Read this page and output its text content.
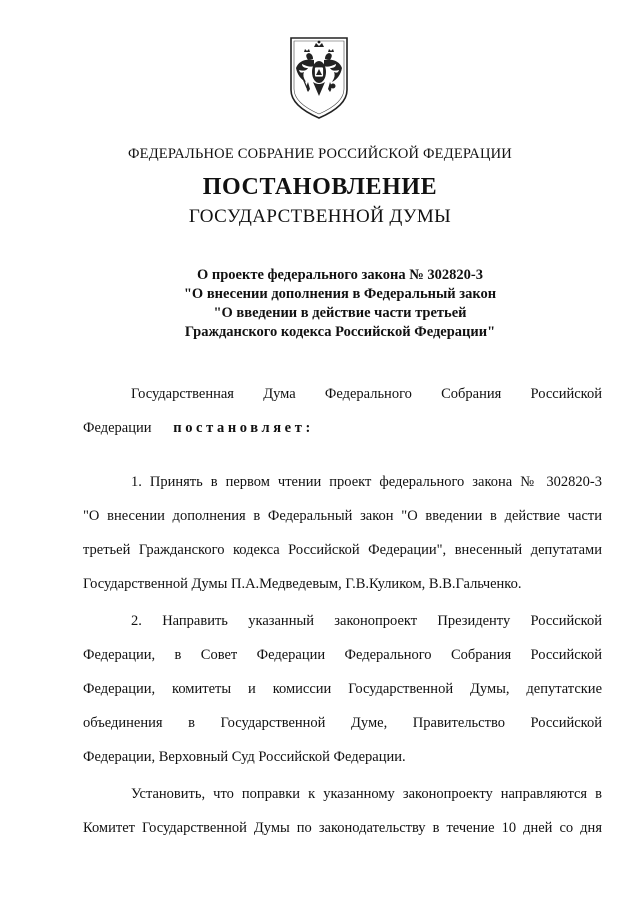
ФЕДЕРАЛЬНОЕ СОБРАНИЕ РОССИЙСКОЙ ФЕДЕРАЦИИ
ПОСТАНОВЛЕНИЕ
ГОСУДАРСТВЕННОЙ ДУМЫ
О проекте федерального закона № 302820-3
"О внесении дополнения в Федеральный закон
"О введении в действие части третьей
Гражданского кодекса Российской Федерации"
Государственная Дума Федерального Собрания Российской
Федерации постановляет:
1. Принять в первом чтении проект федерального закона № 302820-3
"О внесении дополнения в Федеральный закон "О введении в действие части
третьей Гражданского кодекса Российской Федерации", внесенный депутатами
Государственной Думы П.А.Медведевым, Г.В.Куликом, В.В.Гальченко.
2. Направить указанный законопроект Президенту Российской
Федерации, в Совет Федерации Федерального Собрания Российской
Федерации, комитеты и комиссии Государственной Думы, депутатские
объединения в Государственной Думе, Правительство Российской
Федерации, Верховный Суд Российской Федерации.
Установить, что поправки к указанному законопроекту направляются в
Комитет Государственной Думы по законодательству в течение 10 дней со дня
